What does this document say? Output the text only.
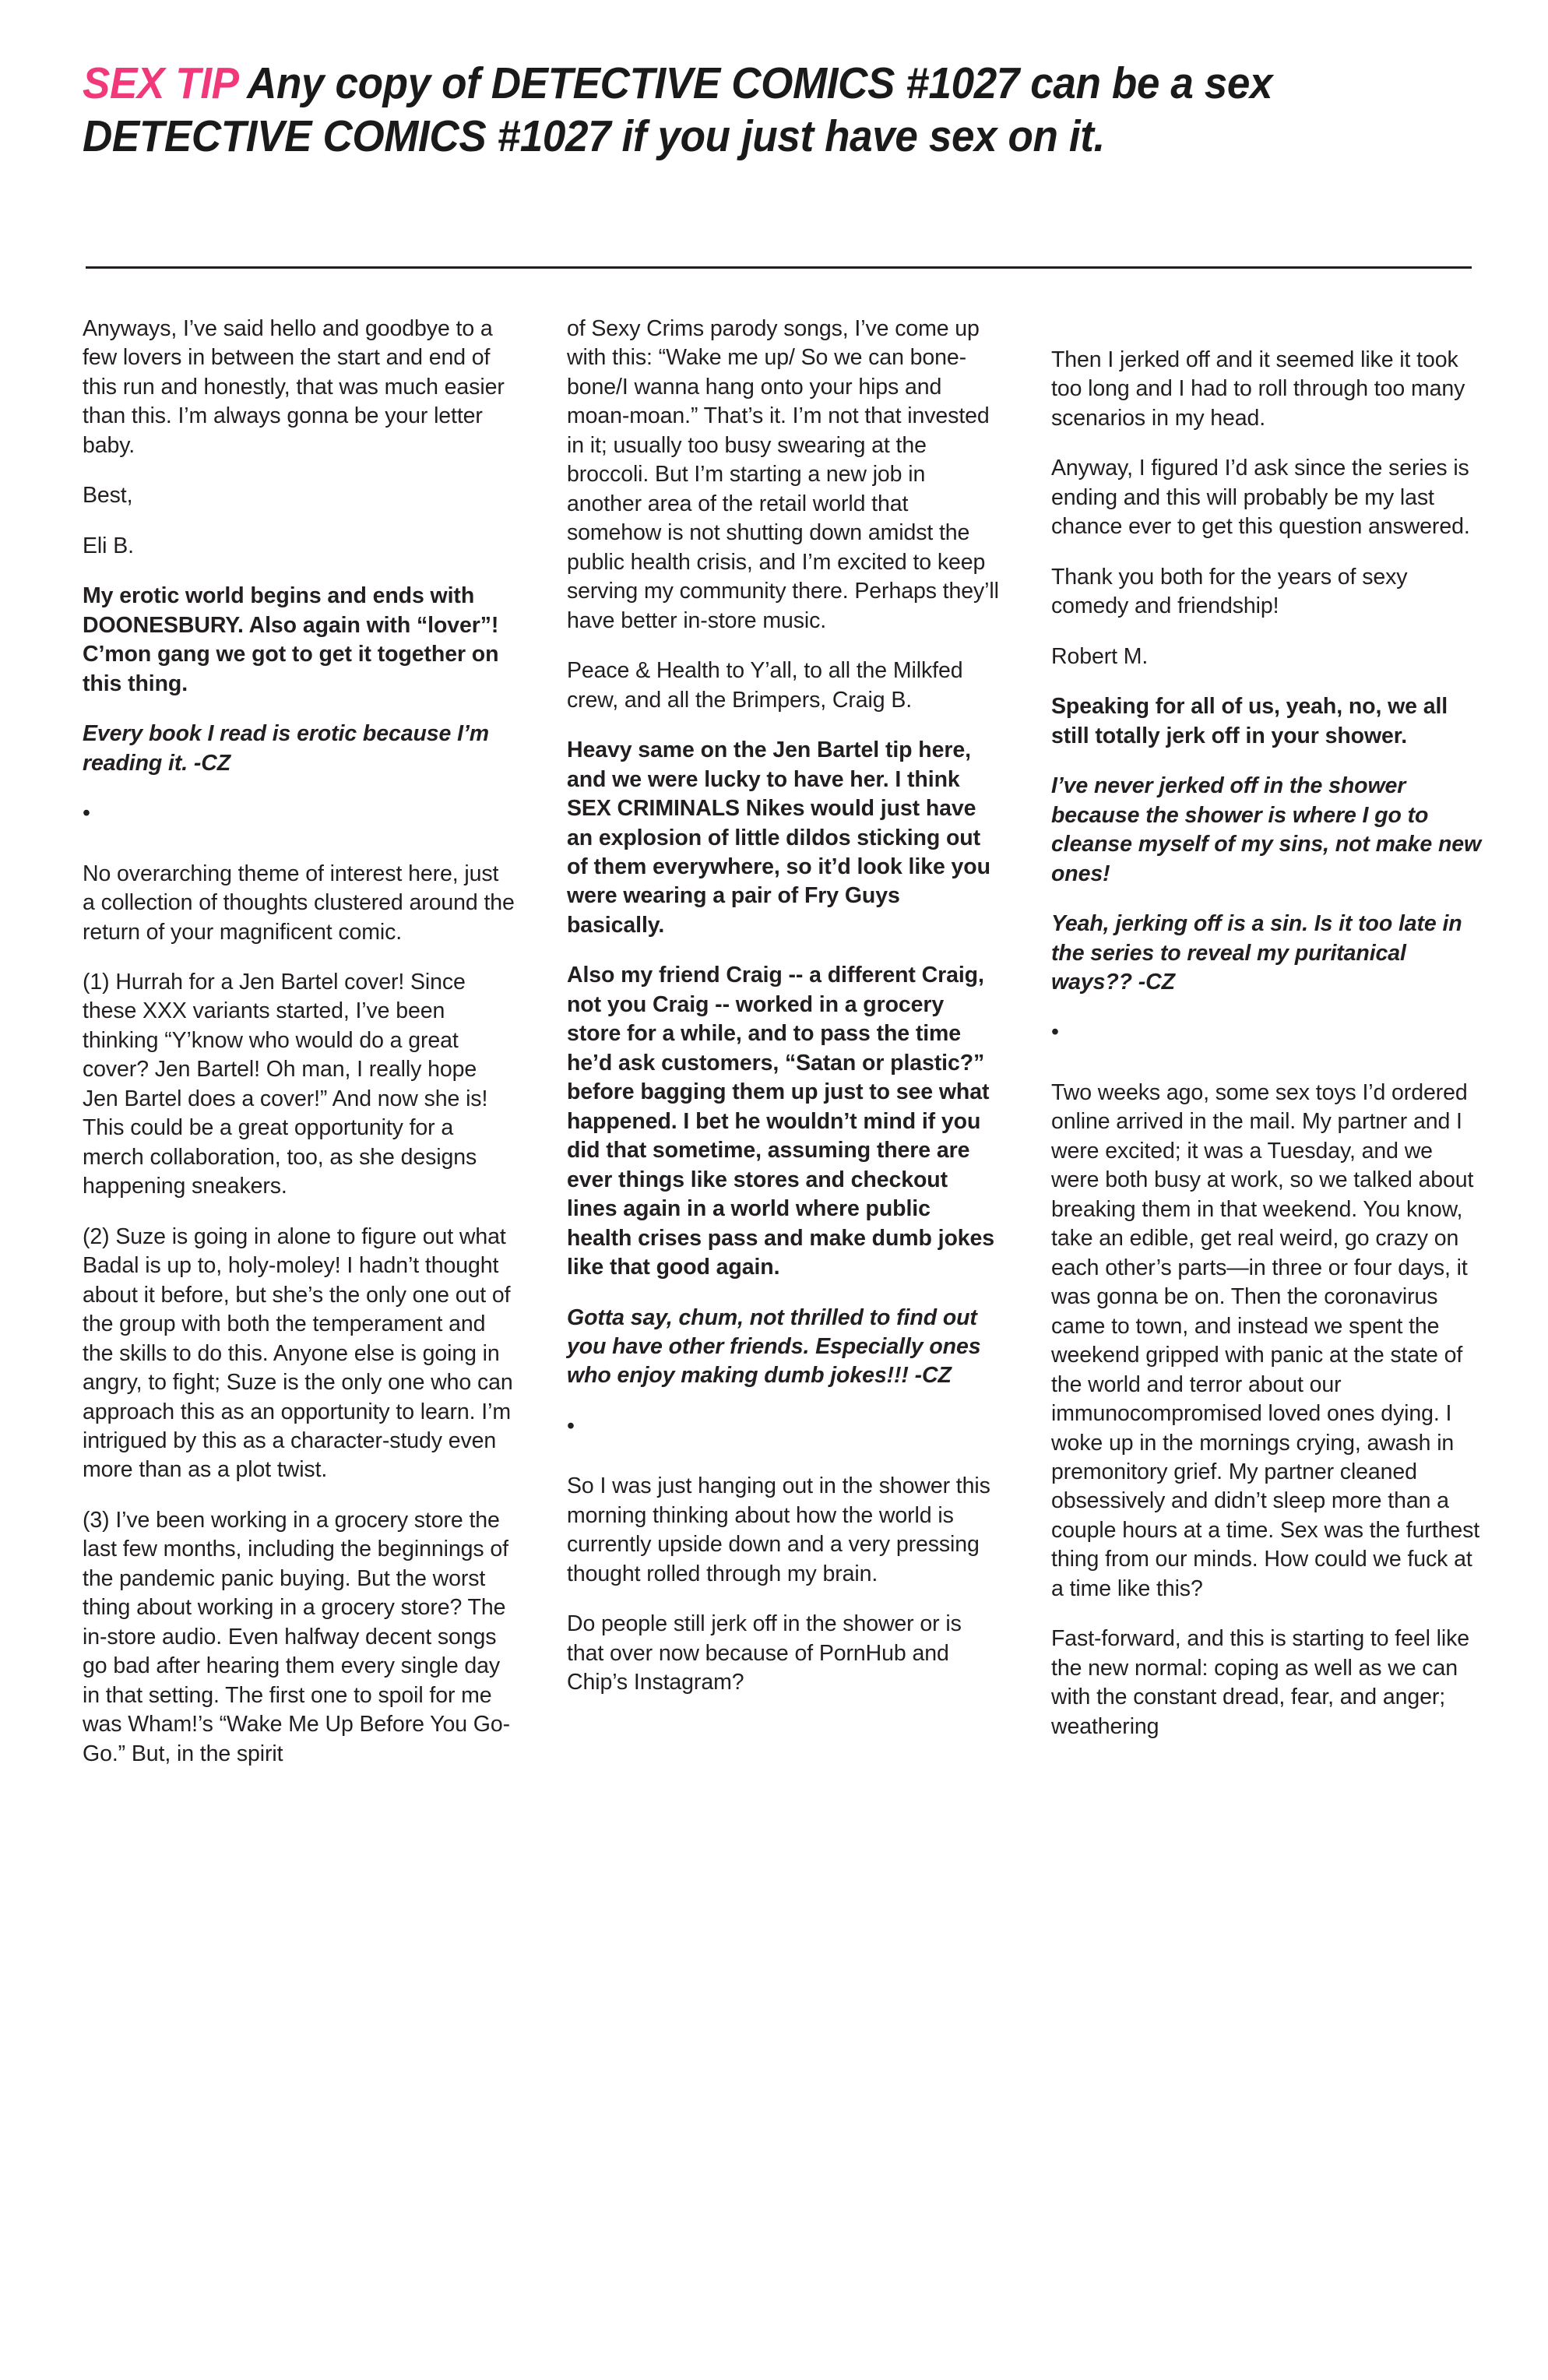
SEX TIP Any copy of DETECTIVE COMICS #1027 can be a sex DETECTIVE COMICS #1027 if you just have sex on it.

Anyways, I’ve said hello and goodbye to a few lovers in between the start and end of this run and honestly, that was much easier than this. I’m always gonna be your letter baby.

Best,

Eli B.

My erotic world begins and ends with DOONESBURY. Also again with “lover”! C’mon gang we got to get it together on this thing.

Every book I read is erotic because I’m reading it. -CZ

•

No overarching theme of interest here, just a collection of thoughts clustered around the return of your magnificent comic.

(1) Hurrah for a Jen Bartel cover! Since these XXX variants started, I’ve been thinking “Y’know who would do a great cover? Jen Bartel! Oh man, I really hope Jen Bartel does a cover!” And now she is! This could be a great opportunity for a merch collaboration, too, as she designs happening sneakers.

(2) Suze is going in alone to figure out what Badal is up to, holy-moley! I hadn’t thought about it before, but she’s the only one out of the group with both the temperament and the skills to do this. Anyone else is going in angry, to fight; Suze is the only one who can approach this as an opportunity to learn. I’m intrigued by this as a character-study even more than as a plot twist.

(3) I’ve been working in a grocery store the last few months, including the beginnings of the pandemic panic buying. But the worst thing about working in a grocery store? The in-store audio. Even halfway decent songs go bad after hearing them every single day in that setting. The first one to spoil for me was Wham!’s “Wake Me Up Before You Go-Go.” But, in the spirit

of Sexy Crims parody songs, I’ve come up with this: “Wake me up/ So we can bone-bone/I wanna hang onto your hips and moan-moan.” That’s it. I’m not that invested in it; usually too busy swearing at the broccoli. But I’m starting a new job in another area of the retail world that somehow is not shutting down amidst the public health crisis, and I’m excited to keep serving my community there. Perhaps they’ll have better in-store music.

Peace & Health to Y’all, to all the Milkfed crew, and all the Brimpers, Craig B.

Heavy same on the Jen Bartel tip here, and we were lucky to have her. I think SEX CRIMINALS Nikes would just have an explosion of little dildos sticking out of them everywhere, so it’d look like you were wearing a pair of Fry Guys basically.

Also my friend Craig -- a different Craig, not you Craig -- worked in a grocery store for a while, and to pass the time he’d ask customers, “Satan or plastic?” before bagging them up just to see what happened. I bet he wouldn’t mind if you did that sometime, assuming there are ever things like stores and checkout lines again in a world where public health crises pass and make dumb jokes like that good again.

Gotta say, chum, not thrilled to find out you have other friends. Especially ones who enjoy making dumb jokes!!! -CZ

•

So I was just hanging out in the shower this morning thinking about how the world is currently upside down and a very pressing thought rolled through my brain.

Do people still jerk off in the shower or is that over now because of PornHub and Chip’s Instagram?

Then I jerked off and it seemed like it took too long and I had to roll through too many scenarios in my head.

Anyway, I figured I’d ask since the series is ending and this will probably be my last chance ever to get this question answered.

Thank you both for the years of sexy comedy and friendship!

Robert M.

Speaking for all of us, yeah, no, we all still totally jerk off in your shower.

I’ve never jerked off in the shower because the shower is where I go to cleanse myself of my sins, not make new ones!

Yeah, jerking off is a sin. Is it too late in the series to reveal my puritanical ways?? -CZ

•

Two weeks ago, some sex toys I’d ordered online arrived in the mail. My partner and I were excited; it was a Tuesday, and we were both busy at work, so we talked about breaking them in that weekend. You know, take an edible, get real weird, go crazy on each other’s parts—in three or four days, it was gonna be on. Then the coronavirus came to town, and instead we spent the weekend gripped with panic at the state of the world and terror about our immunocompromised loved ones dying. I woke up in the mornings crying, awash in premonitory grief. My partner cleaned obsessively and didn’t sleep more than a couple hours at a time. Sex was the furthest thing from our minds. How could we fuck at a time like this?

Fast-forward, and this is starting to feel like the new normal: coping as well as we can with the constant dread, fear, and anger; weathering
